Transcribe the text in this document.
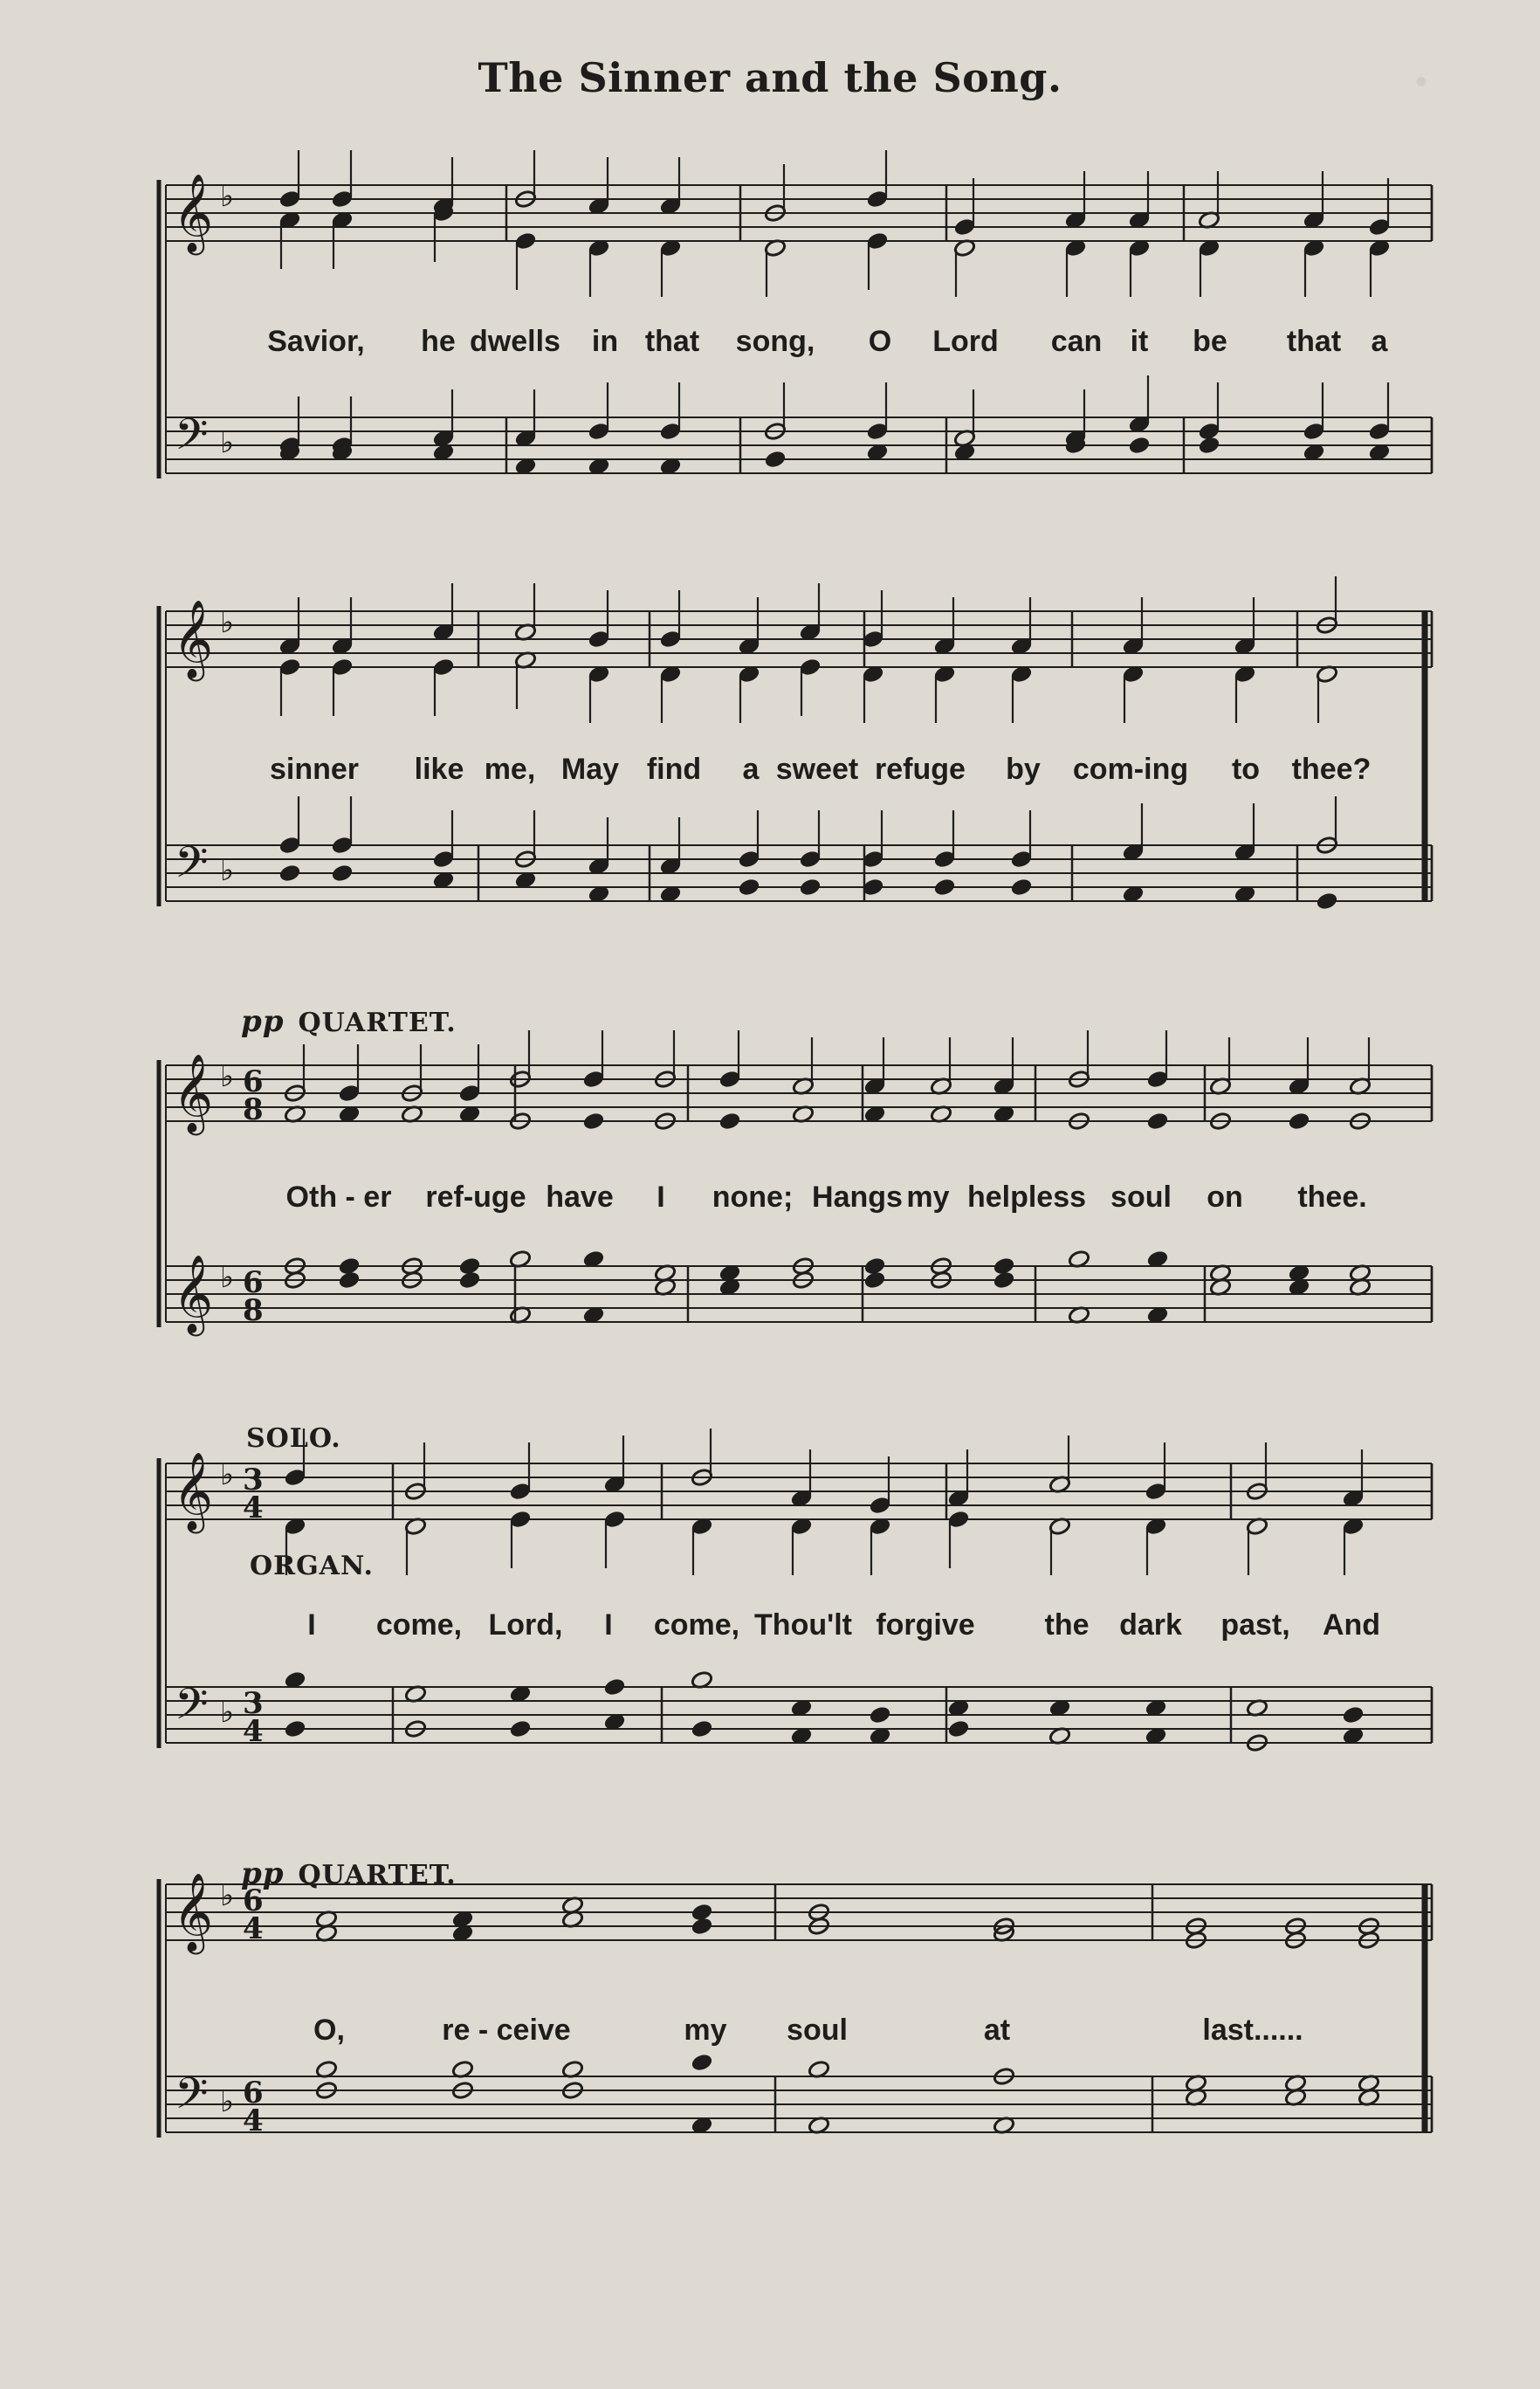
·
The Sinner and the Song.
𝄞
𝄢
♭
♭
𝄞
𝄢
♭
♭
𝄞
𝄞
♭
♭
6
8
6
8
𝄞
𝄢
♭
♭
3
4
3
4
𝄞
𝄢
♭
♭
6
4
6
4
Savior, he dwells in that song, O Lord can it be that a
sinner like me, May find a sweet refuge by com-ing to thee?
pp QUARTET.
Oth - er ref-uge have I none; Hangs my helpless soul on thee.
SOLO.
ORGAN.
I come, Lord, I come, Thou'lt forgive the dark past, And
pp QUARTET.
O,	re - ceive	my soul	at	last......
